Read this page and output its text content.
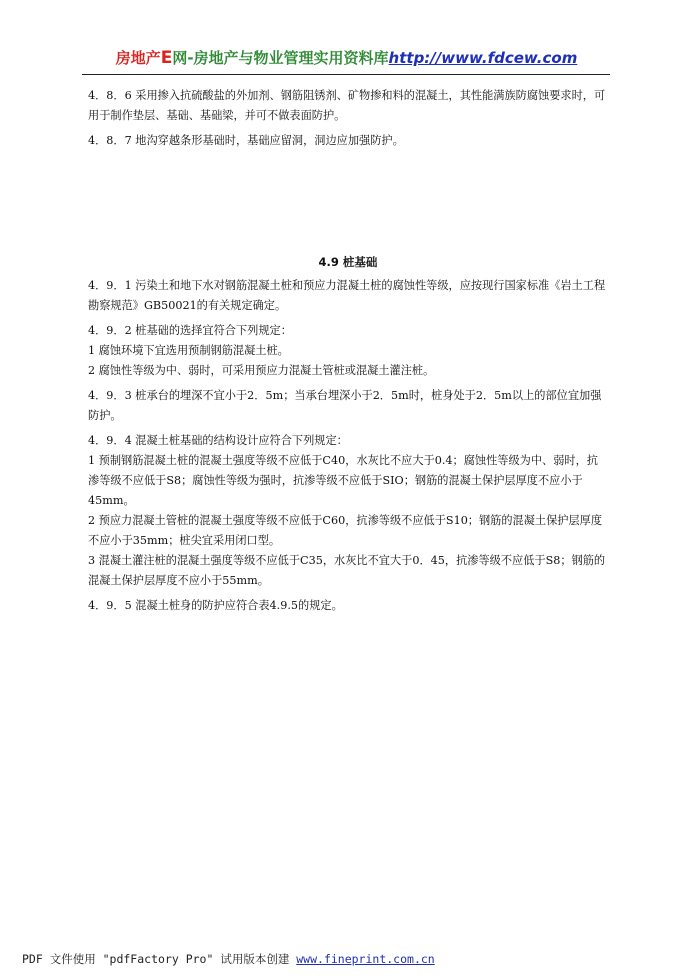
房地产E网-房地产与物业管理实用资料库http://www.fdcew.com

4．8．6 采用掺入抗硫酸盐的外加剂、钢筋阻锈剂、矿物掺和料的混凝土，其性能满族防腐蚀要求时，可用于制作垫层、基础、基础梁，并可不做表面防护。

4．8．7 地沟穿越条形基础时，基础应留洞，洞边应加强防护。

4.9 桩基础

4．9．1 污染土和地下水对钢筋混凝土桩和预应力混凝土桩的腐蚀性等级，应按现行国家标准《岩土工程勘察规范》GB50021的有关规定确定。

4．9．2 桩基础的选择宜符合下列规定：

1 腐蚀环境下宜选用预制钢筋混凝土桩。

2 腐蚀性等级为中、弱时，可采用预应力混凝土管桩或混凝土灌注桩。

4．9．3 桩承台的埋深不宜小于2．5m；当承台埋深小于2．5m时，桩身处于2．5m以上的部位宜加强防护。

4．9．4 混凝土桩基础的结构设计应符合下列规定：

1 预制钢筋混凝土桩的混凝土强度等级不应低于C40，水灰比不应大于0.4；腐蚀性等级为中、弱时，抗渗等级不应低于S8；腐蚀性等级为强时，抗渗等级不应低于SIO；钢筋的混凝土保护层厚度不应小于45mm。

2 预应力混凝土管桩的混凝土强度等级不应低于C60，抗渗等级不应低于S10；钢筋的混凝土保护层厚度不应小于35mm；桩尖宜采用闭口型。

3 混凝土灌注桩的混凝土强度等级不应低于C35，水灰比不宜大于0．45，抗渗等级不应低于S8；钢筋的混凝土保护层厚度不应小于55mm。

4．9．5 混凝土桩身的防护应符合表4.9.5的规定。

PDF 文件使用 "pdfFactory Pro" 试用版本创建 www.fineprint.com.cn
